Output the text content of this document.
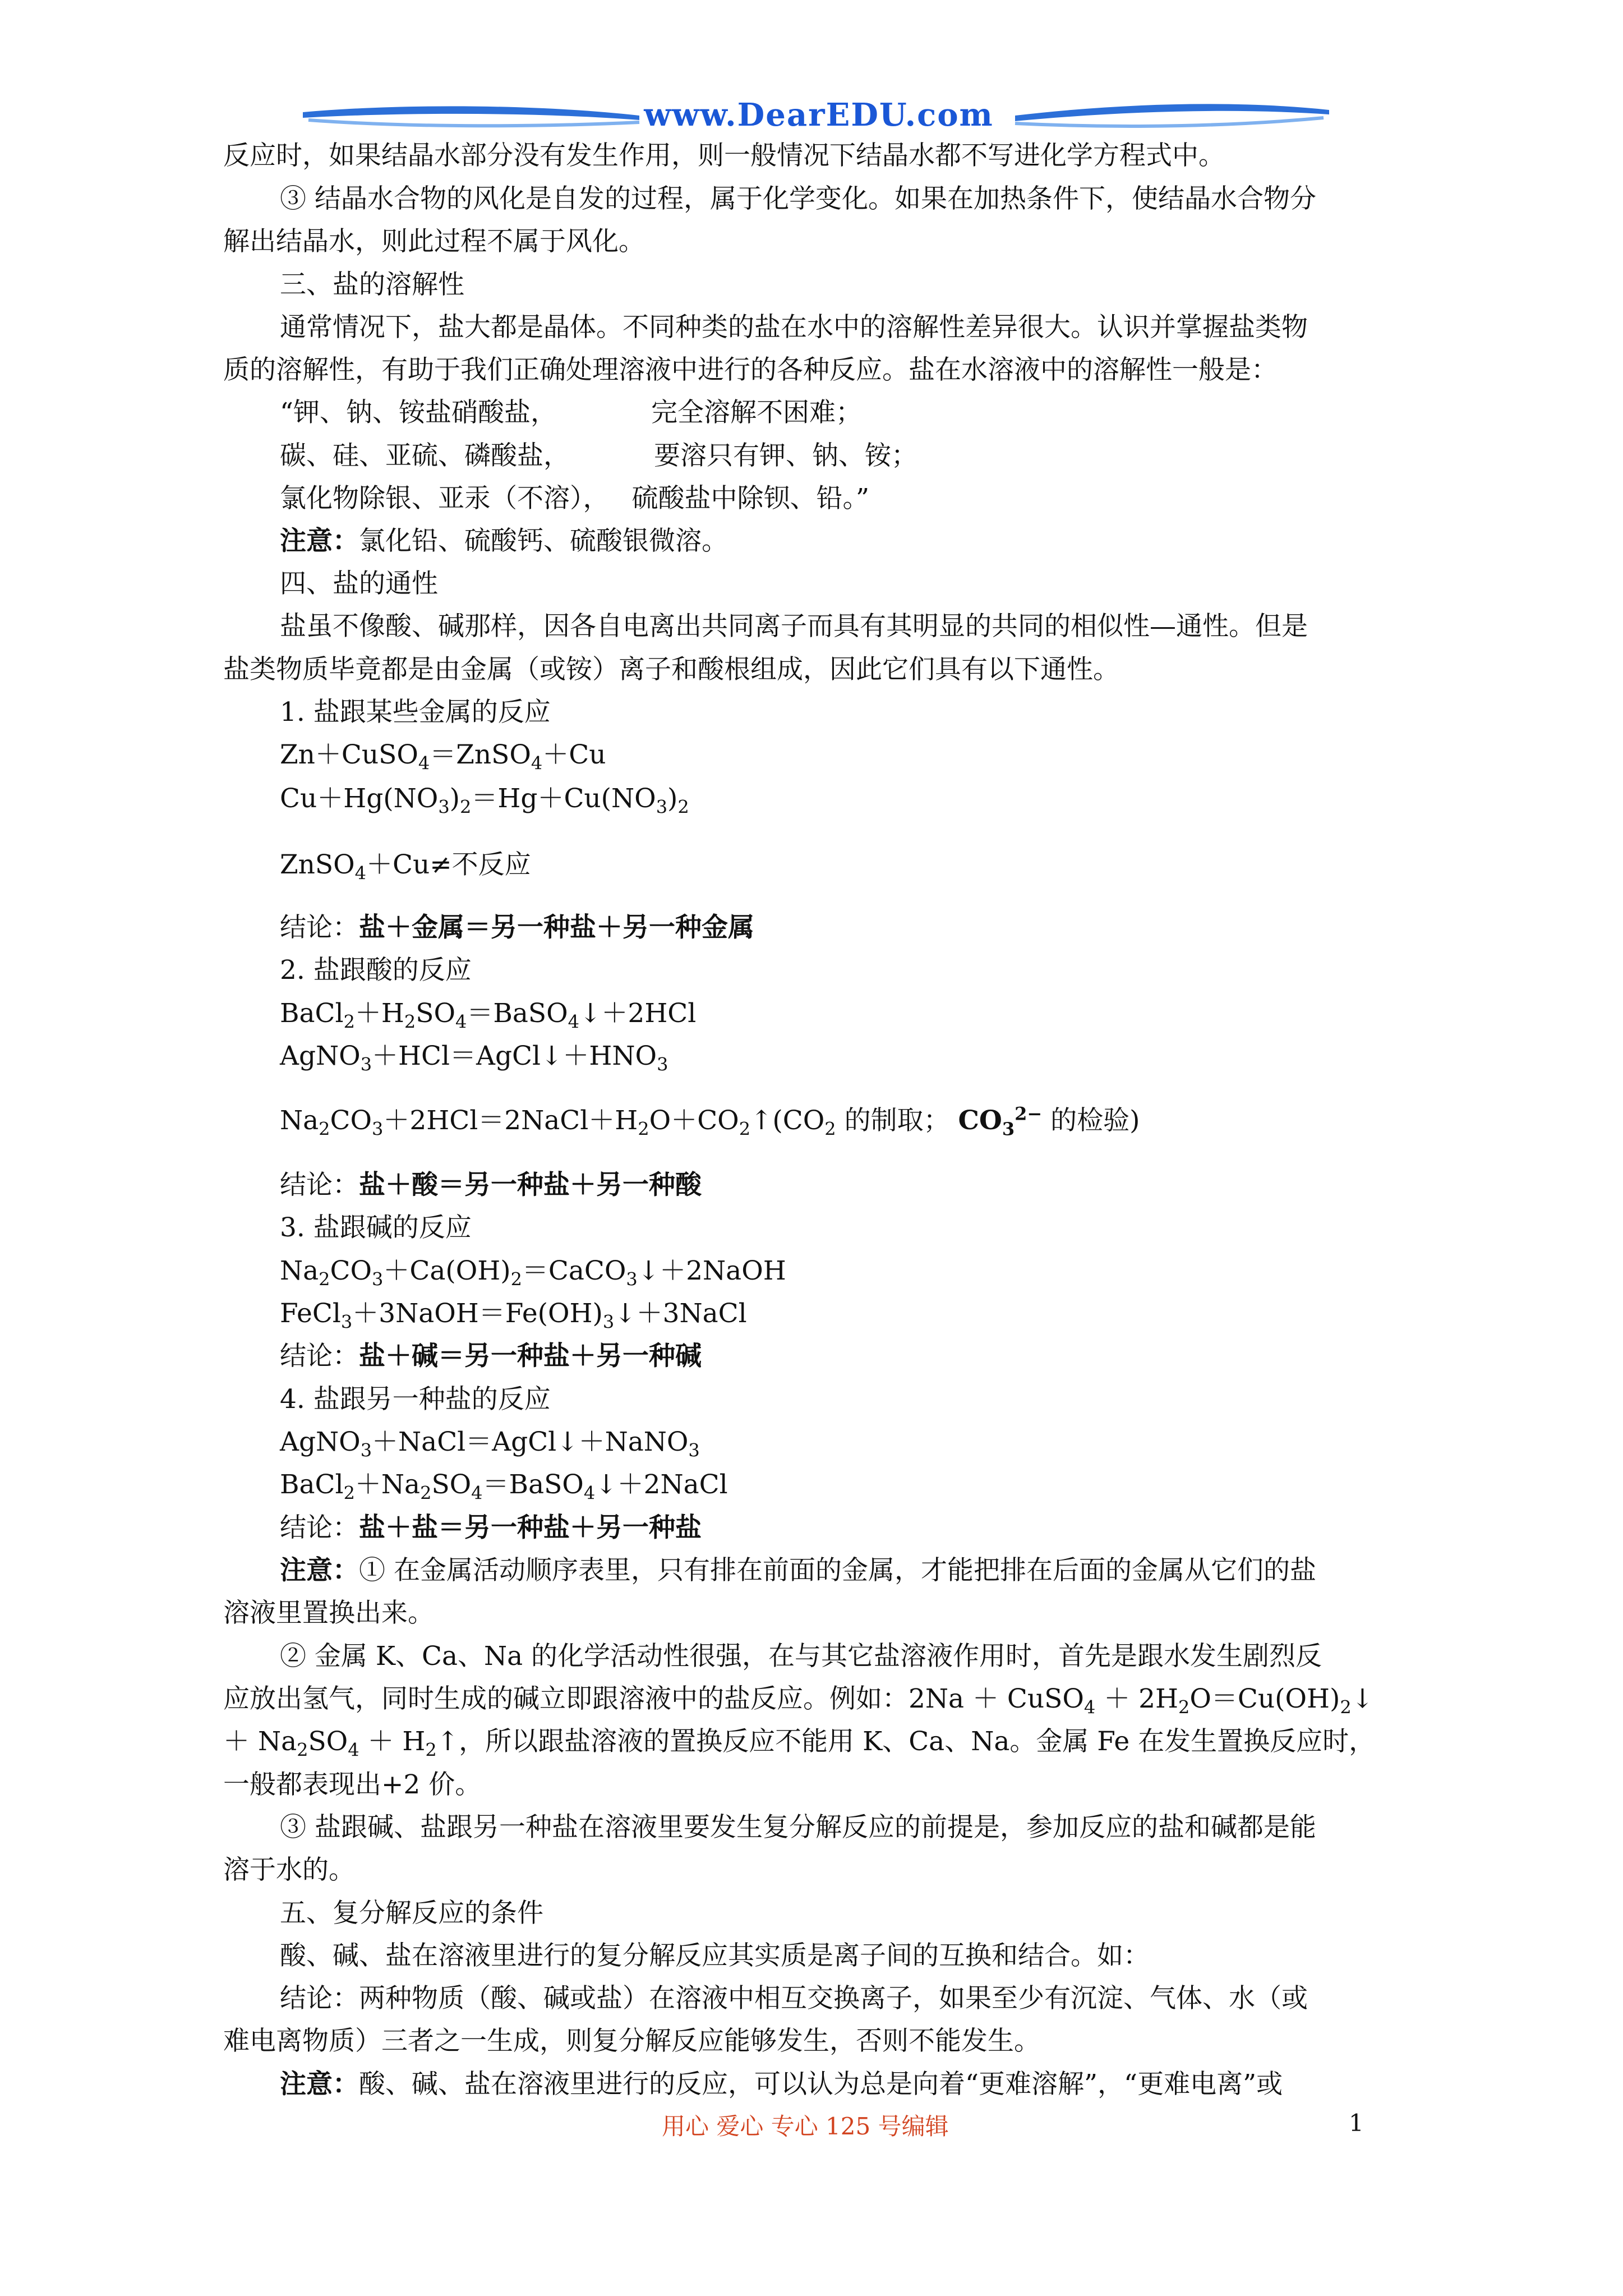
www.DearEDU.com
反应时，如果结晶水部分没有发生作用，则一般情况下结晶水都不写进化学方程式中。
③ 结晶水合物的风化是自发的过程，属于化学变化。如果在加热条件下，使结晶水合物分
解出结晶水，则此过程不属于风化。
三、盐的溶解性
通常情况下，盐大都是晶体。不同种类的盐在水中的溶解性差异很大。认识并掌握盐类物
质的溶解性，有助于我们正确处理溶液中进行的各种反应。盐在水溶液中的溶解性一般是：
“钾、钠、铵盐硝酸盐，	完全溶解不困难；
碳、硅、亚硫、磷酸盐，	要溶只有钾、钠、铵；
氯化物除银、亚汞（不溶）， 硫酸盐中除钡、铅。”
注意：氯化铅、硫酸钙、硫酸银微溶。
四、盐的通性
盐虽不像酸、碱那样，因各自电离出共同离子而具有其明显的共同的相似性—通性。但是
盐类物质毕竟都是由金属（或铵）离子和酸根组成，因此它们具有以下通性。
1. 盐跟某些金属的反应
Zn＋CuSO$_4$＝ZnSO$_4$＋Cu
$Cu+Hg(NO_3)_2=Hg+Cu(NO_3)_2$
ZnSO$_4$＋Cu≠不反应
结论：盐＋金属＝另一种盐＋另一种金属
2. 盐跟酸的反应
$BaCl_2+H_2SO_4=BaSO_4↓+2HCl$
$AgNO_3+HCl=AgCl↓+HNO_3$
$Na_2CO_3+2HCl=2NaCl+H_2O+CO_2↑(CO_2$ 的制取； $CO_3^{2-}$ 的检验)
结论：盐＋酸＝另一种盐＋另一种酸
3. 盐跟碱的反应
$Na_2CO_3+Ca(OH)_2=CaCO_3↓+2NaOH$
$FeCl_3+3NaOH=Fe(OH)_3↓+3NaCl$
结论：盐＋碱＝另一种盐＋另一种碱
4. 盐跟另一种盐的反应
AgNO$_3$＋NaCl＝AgCl↓＋NaNO$_3$
$BaCl_2+Na_2SO_4=BaSO_4↓+2NaCl$
结论：盐＋盐＝另一种盐＋另一种盐
注意：① 在金属活动顺序表里，只有排在前面的金属，才能把排在后面的金属从它们的盐
溶液里置换出来。
② 金属 K、Ca、Na 的化学活动性很强，在与其它盐溶液作用时，首先是跟水发生剧烈反
应放出氢气，同时生成的碱立即跟溶液中的盐反应。例如：2Na ＋ CuSO$_4$ ＋ $2H_2O=Cu(OH)_2↓$
＋ $Na_2SO_4$ ＋ $H_2↑$，所以跟盐溶液的置换反应不能用 K、Ca、Na。金属 Fe 在发生置换反应时，
一般都表现出+2 价。
③ 盐跟碱、盐跟另一种盐在溶液里要发生复分解反应的前提是，参加反应的盐和碱都是能
溶于水的。
五、复分解反应的条件
酸、碱、盐在溶液里进行的复分解反应其实质是离子间的互换和结合。如：
结论：两种物质（酸、碱或盐）在溶液中相互交换离子，如果至少有沉淀、气体、水（或
难电离物质）三者之一生成，则复分解反应能够发生，否则不能发生。
注意：酸、碱、盐在溶液里进行的反应，可以认为总是向着“更难溶解”，“更难电离”或
用心 爱心 专心 125 号编辑	1
